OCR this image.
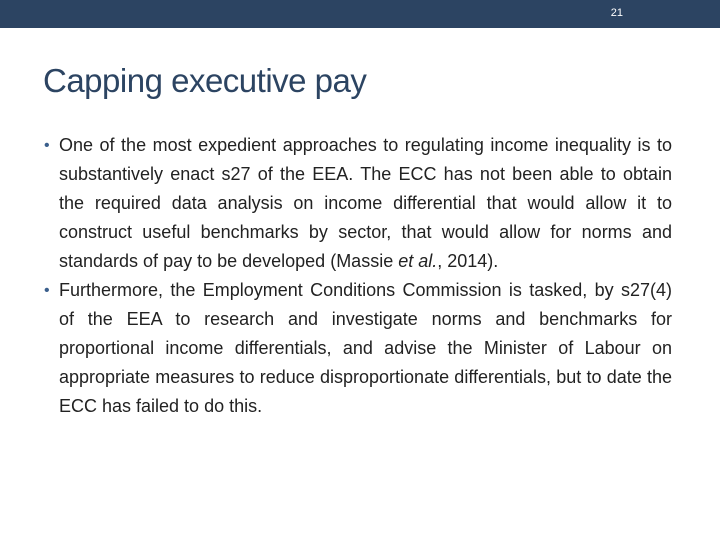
21
Capping executive pay
• One of the most expedient approaches to regulating income inequality is to substantively enact s27 of the EEA. The ECC has not been able to obtain the required data analysis on income differential that would allow it to construct useful benchmarks by sector, that would allow for norms and standards of pay to be developed (Massie et al., 2014).
• Furthermore, the Employment Conditions Commission is tasked, by s27(4) of the EEA to research and investigate norms and benchmarks for proportional income differentials, and advise the Minister of Labour on appropriate measures to reduce disproportionate differentials, but to date the ECC has failed to do this.
